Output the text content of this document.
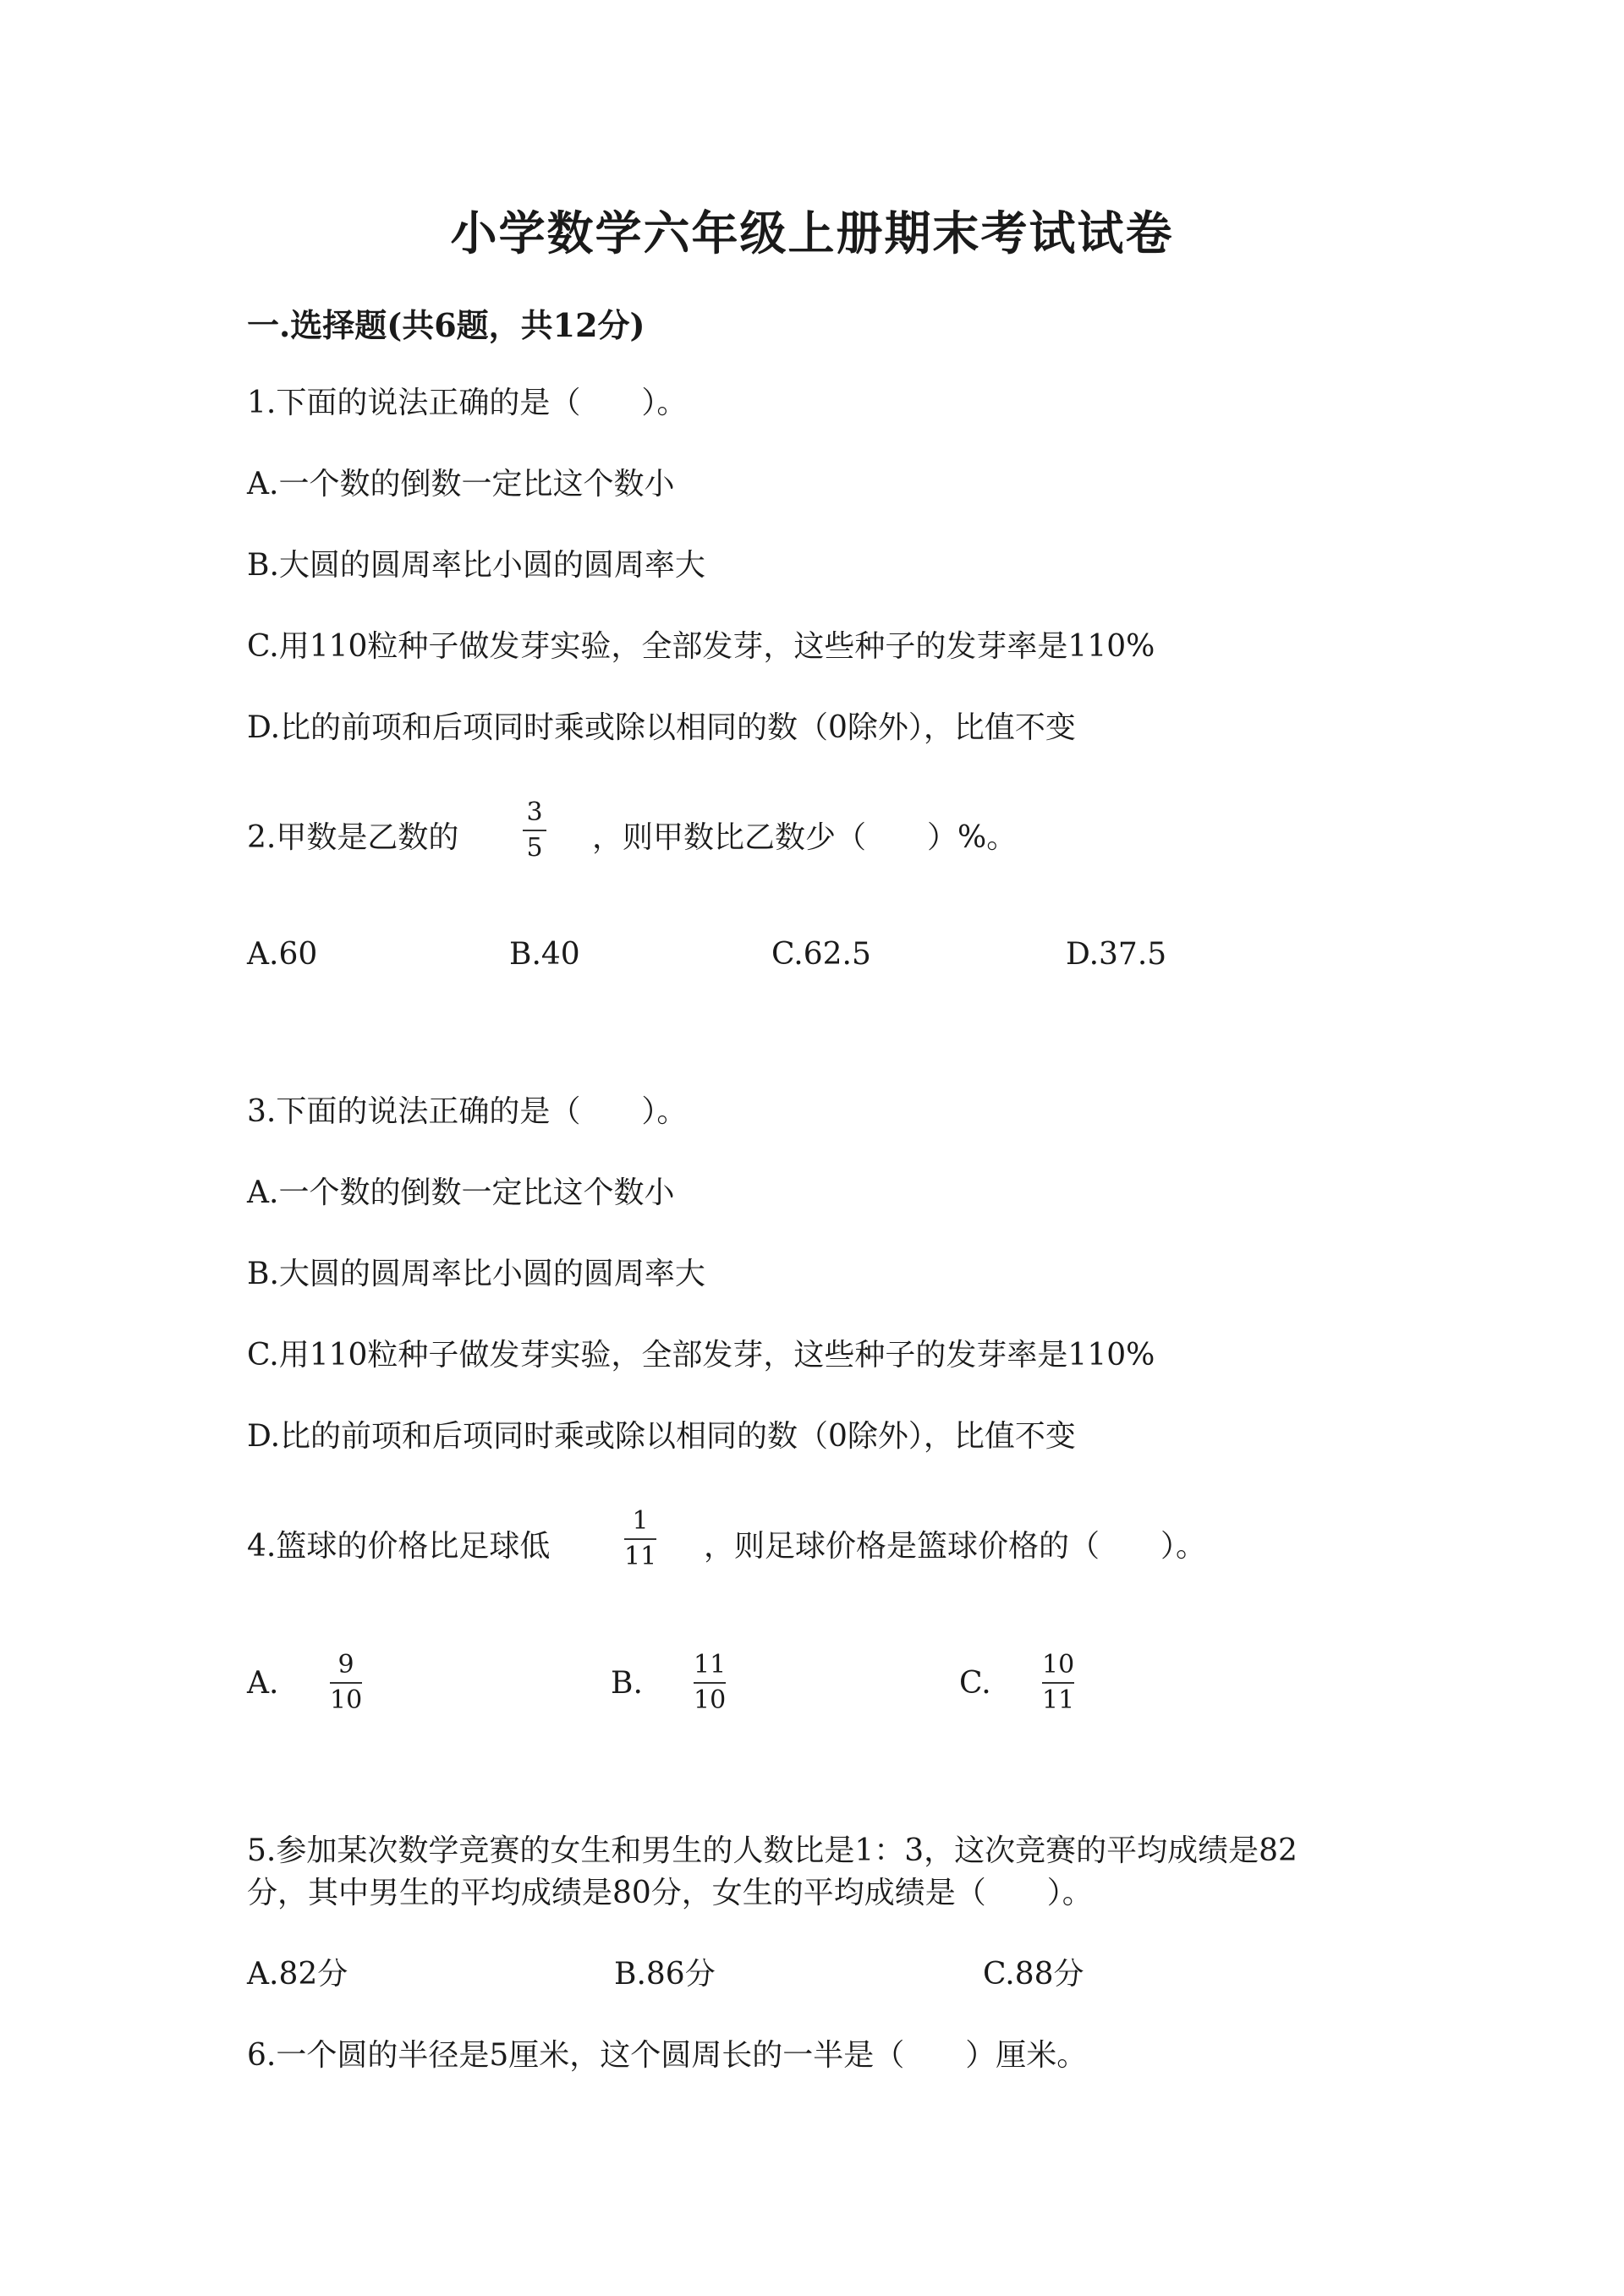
小学数学六年级上册期末考试试卷
一.选择题(共6题，共12分)
1.下面的说法正确的是（　　）。
A.一个数的倒数一定比这个数小
B.大圆的圆周率比小圆的圆周率大
C.用110粒种子做发芽实验，全部发芽，这些种子的发芽率是110%
D.比的前项和后项同时乘或除以相同的数（0除外），比值不变
2.甲数是乙数的
3
5 ，则甲数比乙数少（　　）%。
A.60	B.40	C.62.5	D.37.5
3.下面的说法正确的是（　　）。
A.一个数的倒数一定比这个数小
B.大圆的圆周率比小圆的圆周率大
C.用110粒种子做发芽实验，全部发芽，这些种子的发芽率是110%
D.比的前项和后项同时乘或除以相同的数（0除外），比值不变
4.篮球的价格比足球低
1
11 ，则足球价格是篮球价格的（　　）。
A.
9
10	B.
11
10	C.
10
11
5.参加某次数学竞赛的女生和男生的人数比是1：3，这次竞赛的平均成绩是82
分，其中男生的平均成绩是80分，女生的平均成绩是（　　）。
A.82分	B.86分	C.88分
6.一个圆的半径是5厘米，这个圆周长的一半是（　　）厘米。
